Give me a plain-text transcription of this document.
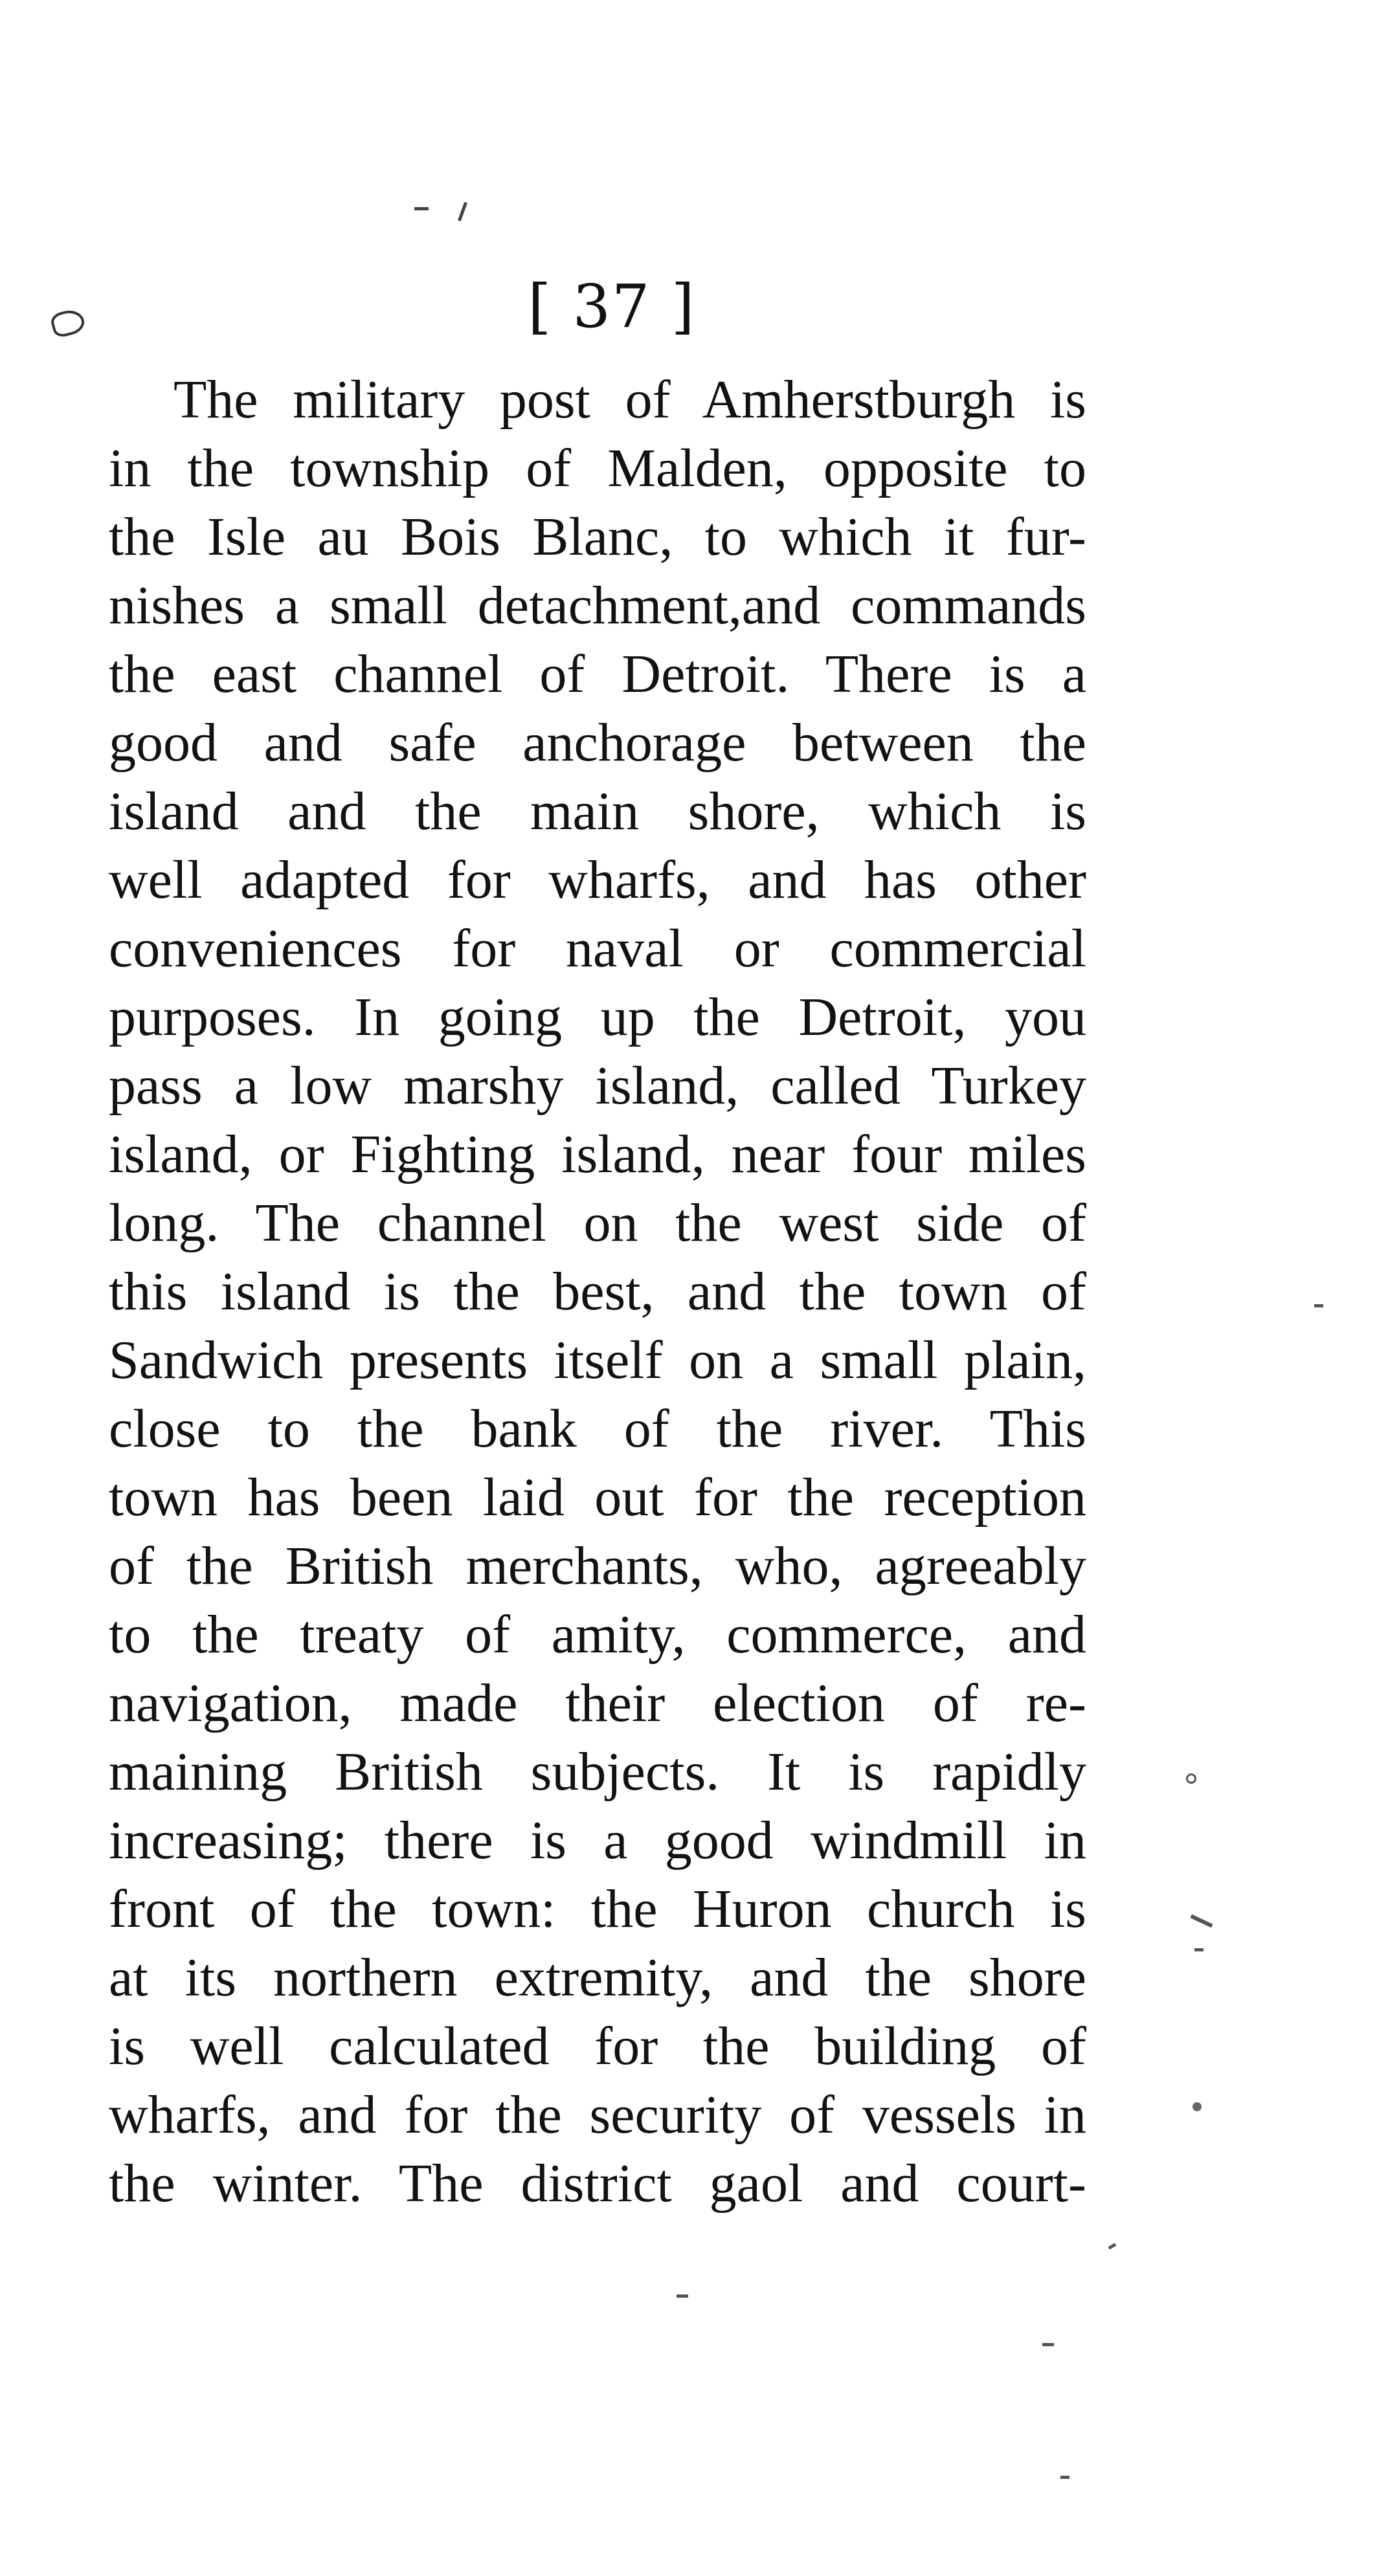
[ 37 ]
The military post of Amherstburgh is
in the township of Malden, opposite to
the Isle au Bois Blanc, to which it fur-
nishes a small detachment,and commands
the east channel of Detroit. There is a
good and safe anchorage between the
island and the main shore, which is
well adapted for wharfs, and has other
conveniences for naval or commercial
purposes. In going up the Detroit, you
pass a low marshy island, called Turkey
island, or Fighting island, near four miles
long. The channel on the west side of
this island is the best, and the town of
Sandwich presents itself on a small plain,
close to the bank of the river. This
town has been laid out for the reception
of the British merchants, who, agreeably
to the treaty of amity, commerce, and
navigation, made their election of re-
maining British subjects. It is rapidly
increasing; there is a good windmill in
front of the town: the Huron church is
at its northern extremity, and the shore
is well calculated for the building of
wharfs, and for the security of vessels in
the winter. The district gaol and court-
